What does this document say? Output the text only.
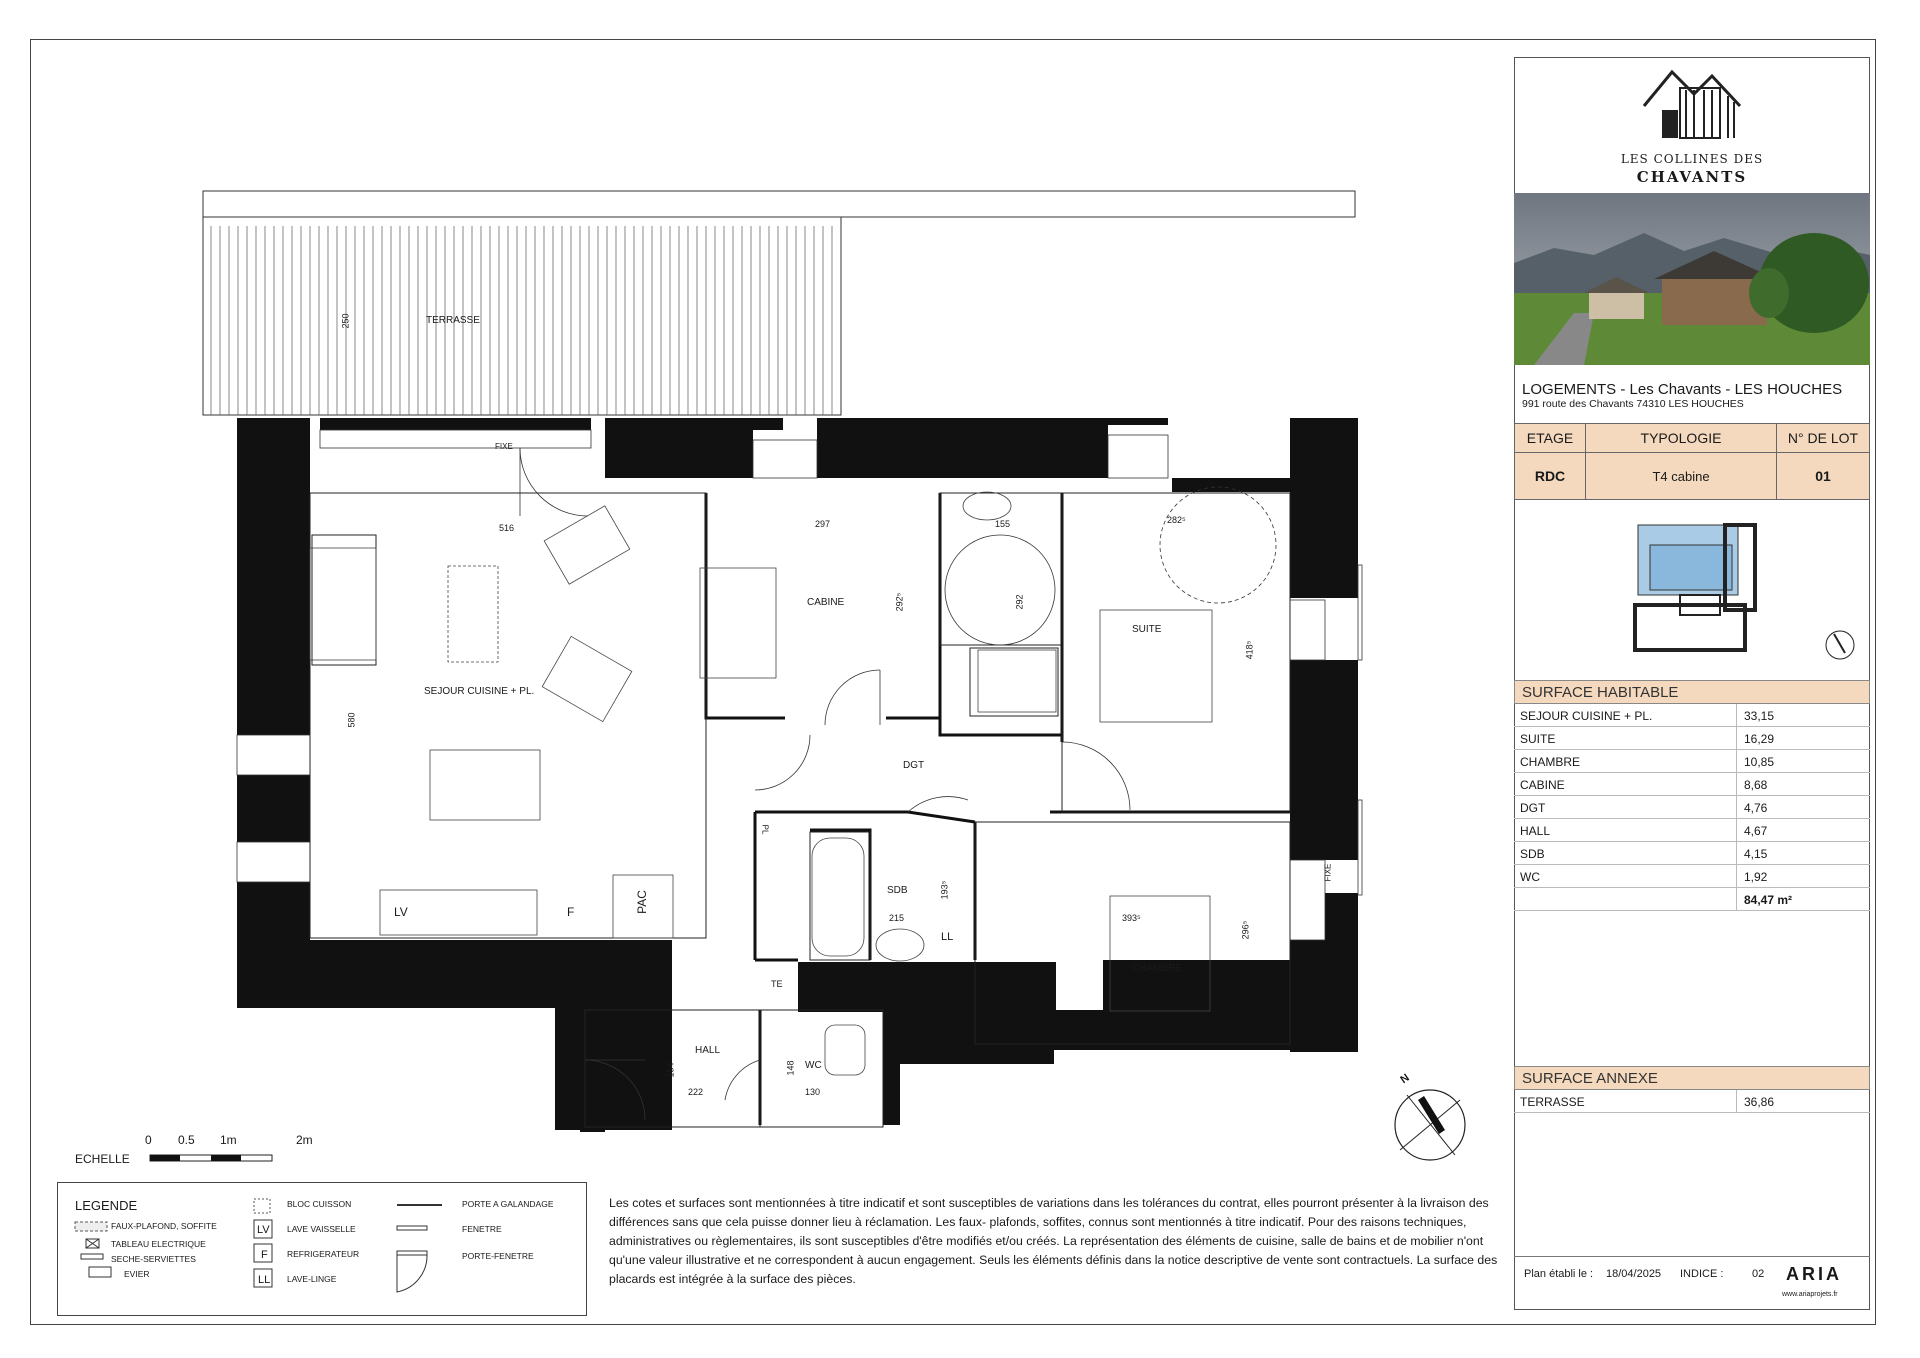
TERRASSE
SEJOUR CUISINE + PL.
CABINE
SUITE
DGT
SDB
CHAMBRE
HALL
WC
FIXE
FIXE
LV	F	PAC
LL
TE
PL
250
516	297	155	282⁵
292⁵	292
418⁵
580
215
193⁵
393⁵
296⁵
154
222
148
130
N
ECHELLE
0 0.5 1m	2m
LEGENDE
FAUX-PLAFOND, SOFFITE
TABLEAU ELECTRIQUE
SECHE-SERVIETTES
EVIER
BLOC CUISSON
LAVE VAISSELLE
REFRIGERATEUR
LAVE-LINGE
PORTE A GALANDAGE
FENETRE
PORTE-FENETRE
LV
F
LL
Les cotes et surfaces sont mentionnées à titre indicatif et sont susceptibles de variations dans les tolérances du contrat, elles pourront présenter à la livraison des différences sans que cela puisse donner lieu à réclamation. Les faux- plafonds, soffites, connus sont mentionnés à titre indicatif. Pour des raisons techniques, administratives ou règlementaires, ils sont susceptibles d'être modifiés et/ou créés. La représentation des éléments de cuisine, salle de bains et de mobilier n'ont qu'une valeur illustrative et ne correspondent à aucun engagement. Seuls les éléments définis dans la notice descriptive de vente sont contractuels. La surface des placards est intégrée à la surface des pièces.
LES COLLINES DES
CHAVANTS
LOGEMENTS - Les Chavants - LES HOUCHES
991 route des Chavants 74310 LES HOUCHES
ETAGE	TYPOLOGIE	N° DE LOT
RDC	T4 cabine	01
SURFACE HABITABLE
SEJOUR CUISINE + PL.	33,15
SUITE	16,29
CHAMBRE	10,85
CABINE	8,68
DGT	4,76
HALL	4,67
SDB	4,15
WC	1,92
84,47 m²
SURFACE ANNEXE
TERRASSE	36,86
Plan établi le : 18/04/2025 INDICE :	02 ARIA
www.ariaprojets.fr
